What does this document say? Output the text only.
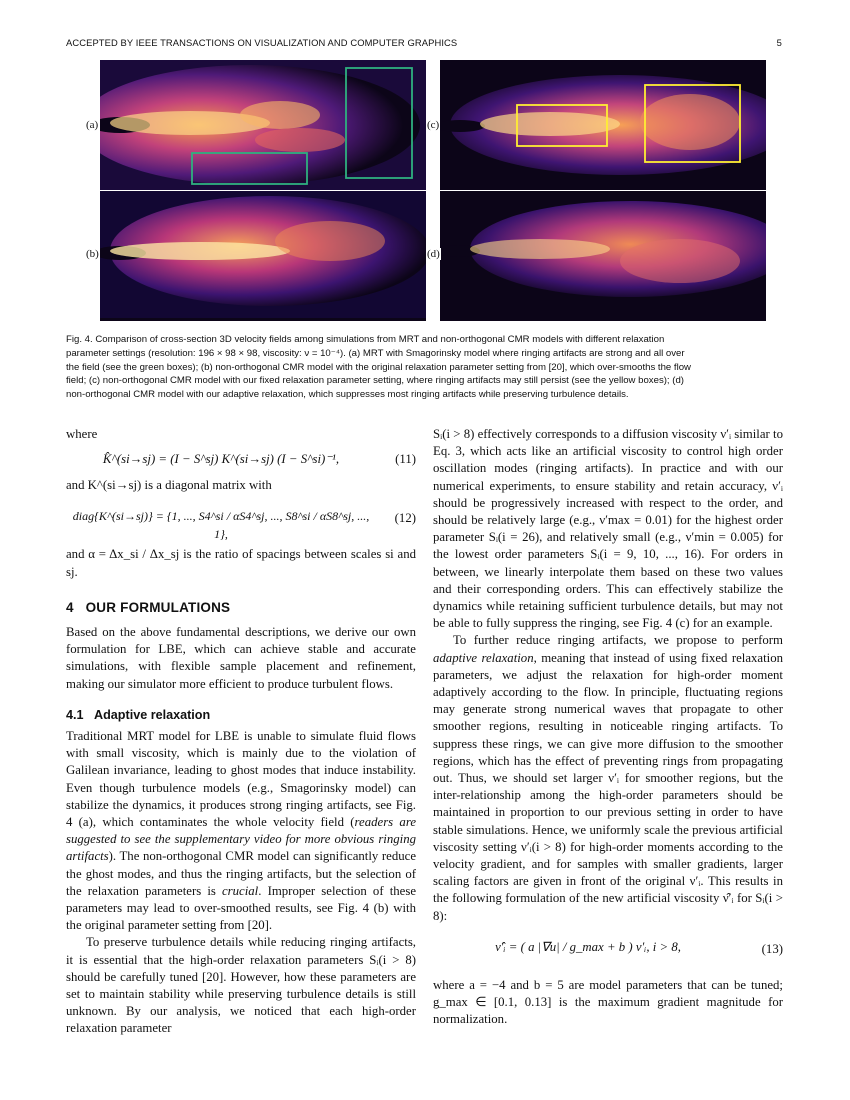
ACCEPTED BY IEEE TRANSACTIONS ON VISUALIZATION AND COMPUTER GRAPHICS	5
(a)
(b)
(c)
(d)
Fig. 4. Comparison of cross-section 3D velocity fields among simulations from MRT and non-orthogonal CMR models with different relaxation
parameter settings (resolution: 196 × 98 × 98, viscosity: ν = 10⁻⁴). (a) MRT with Smagorinsky model where ringing artifacts are strong and all over
the field (see the green boxes); (b) non-orthogonal CMR model with the original relaxation parameter setting from [20], which over-smooths the flow
field; (c) non-orthogonal CMR model with our fixed relaxation parameter setting, where ringing artifacts may still persist (see the yellow boxes); (d)
non-orthogonal CMR model with our adaptive relaxation, which suppresses most ringing artifacts while preserving turbulence details.

where

K̂^(si→sj) = (I − S^sj) K^(si→sj) (I − S^si)⁻¹,	(11)

and K^(si→sj) is a diagonal matrix with

diag{K^(si→sj)} = {1, ..., S4^si / αS4^sj, ..., S8^si / αS8^sj, ..., 1},
(12)

and α = Δx_si / Δx_sj is the ratio of spacings between scales si and sj.

4 OUR FORMULATIONS

Based on the above fundamental descriptions, we derive our own formulation for LBE, which can achieve stable and accurate simulations, with flexible sample placement and refinement, making our simulator more efficient to produce turbulent flows.

4.1 Adaptive relaxation

Traditional MRT model for LBE is unable to simulate fluid flows with small viscosity, which is mainly due to the violation of Galilean invariance, leading to ghost modes that induce instability. Even though turbulence models (e.g., Smagorinsky model) can stabilize the dynamics, it produces strong ringing artifacts, see Fig. 4 (a), which contaminates the whole velocity field (readers are suggested to see the supplementary video for more obvious ringing artifacts). The non-orthogonal CMR model can significantly reduce the ghost modes, and thus the ringing artifacts, but the selection of the relaxation parameters is crucial. Improper selection of these parameters may lead to over-smoothed results, see Fig. 4 (b) with the original parameter setting from [20].

To preserve turbulence details while reducing ringing artifacts, it is essential that the high-order relaxation parameters Sᵢ(i > 8) should be carefully tuned [20]. However, how these parameters are set to maintain stability while preserving turbulence details is still unknown. By our analysis, we noticed that each high-order relaxation parameter

Sᵢ(i > 8) effectively corresponds to a diffusion viscosity ν′ᵢ similar to Eq. 3, which acts like an artificial viscosity to control high order oscillation modes (ringing artifacts). In practice and with our numerical experiments, to ensure stability and retain accuracy, ν′ᵢ should be progressively increased with respect to the order, and should be relatively large (e.g., ν′max = 0.01) for the highest order parameter Sᵢ(i = 26), and relatively small (e.g., ν′min = 0.005) for the lowest order parameters Sᵢ(i = 9, 10, ..., 16). For orders in between, we linearly interpolate them based on these two values and their corresponding orders. This can effectively stabilize the dynamics while retaining sufficient turbulence details, but may not be able to fully suppress the ringing, see Fig. 4 (c) for an example.

To further reduce ringing artifacts, we propose to perform adaptive relaxation, meaning that instead of using fixed relaxation parameters, we adjust the relaxation for high-order moment adaptively according to the flow. In principle, fluctuating regions may generate strong numerical waves that propagate to other smoother regions, resulting in noticeable ringing artifacts. To suppress these rings, we can give more diffusion to the smoother regions, which has the effect of preventing rings from propagating out. Thus, we should set larger ν′ᵢ for smoother regions, but the inter-relationship among the high-order parameters should be maintained in proportion to our previous setting in order to have stable simulations. Hence, we uniformly scale the previous artificial viscosity setting ν′ᵢ(i > 8) for high-order moments according to the velocity gradient, and for samples with smaller gradients, larger scaling factors are given in front of the original ν′ᵢ. This results in the following formulation of the new artificial viscosity ν̂′ᵢ for Sᵢ(i > 8):

ν̂′ᵢ = ( a |∇u| / g_max + b ) ν′ᵢ, i > 8,	(13)

where a = −4 and b = 5 are model parameters that can be tuned; g_max ∈ [0.1, 0.13] is the maximum gradient magnitude for normalization.
